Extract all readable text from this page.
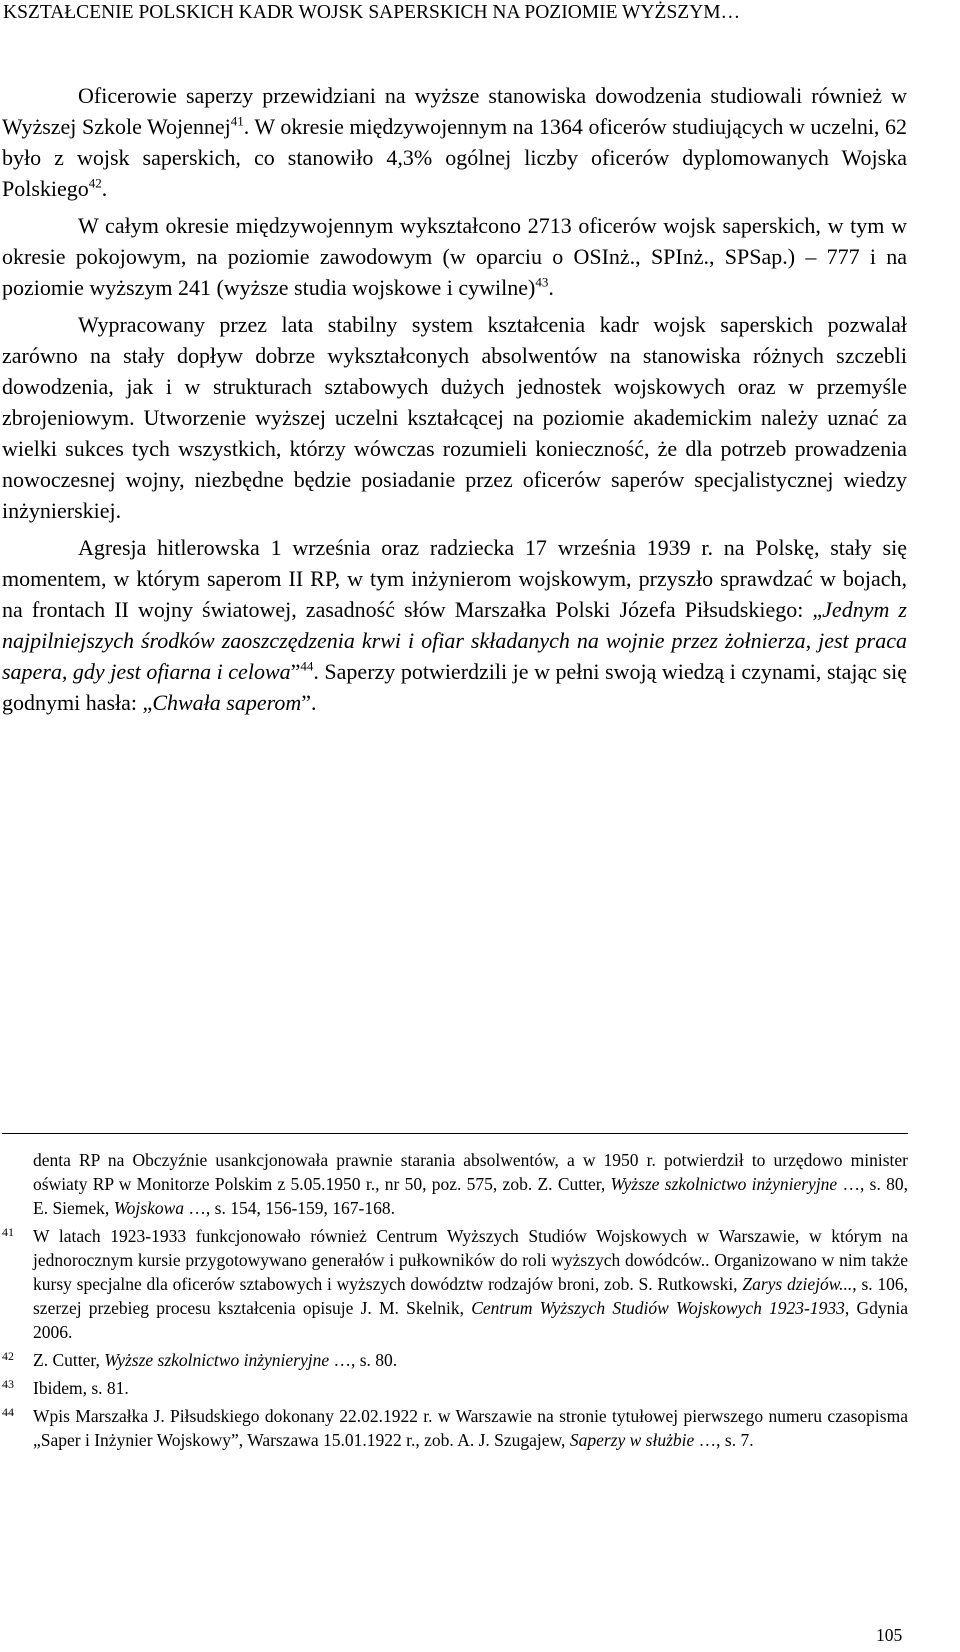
KSZTAŁCENIE POLSKICH KADR WOJSK SAPERSKICH NA POZIOMIE WYŻSZYM…

Oficerowie saperzy przewidziani na wyższe stanowiska dowodzenia studiowali również w Wyższej Szkole Wojennej$^{41}$. W okresie międzywojennym na 1364 oficerów studiujących w uczelni, 62 było z wojsk saperskich, co stanowiło 4,3% ogólnej liczby oficerów dyplomowanych Wojska Polskiego$^{42}$.

W całym okresie międzywojennym wykształcono 2713 oficerów wojsk saperskich, w tym w okresie pokojowym, na poziomie zawodowym (w oparciu o OSInż., SPInż., SPSap.) – 777 i na poziomie wyższym 241 (wyższe studia wojskowe i cywilne)$^{43}$.

Wypracowany przez lata stabilny system kształcenia kadr wojsk saperskich pozwalał zarówno na stały dopływ dobrze wykształconych absolwentów na stanowiska różnych szczebli dowodzenia, jak i w strukturach sztabowych dużych jednostek wojskowych oraz w przemyśle zbrojeniowym. Utworzenie wyższej uczelni kształcącej na poziomie akademickim należy uznać za wielki sukces tych wszystkich, którzy wówczas rozumieli konieczność, że dla potrzeb prowadzenia nowoczesnej wojny, niezbędne będzie posiadanie przez oficerów saperów specjalistycznej wiedzy inżynierskiej.

Agresja hitlerowska 1 września oraz radziecka 17 września 1939 r. na Polskę, stały się momentem, w którym saperom II RP, w tym inżynierom wojskowym, przyszło sprawdzać w bojach, na frontach II wojny światowej, zasadność słów Marszałka Polski Józefa Piłsudskiego: „Jednym z najpilniejszych środków zaoszczędzenia krwi i ofiar składanych na wojnie przez żołnierza, jest praca sapera, gdy jest ofiarna i celowa”$^{44}$. Saperzy potwierdzili je w pełni swoją wiedzą i czynami, stając się godnymi hasła: „Chwała saperom”.

denta RP na Obczyźnie usankcjonowała prawnie starania absolwentów, a w 1950 r. potwierdził to urzędowo minister oświaty RP w Monitorze Polskim z 5.05.1950 r., nr 50, poz. 575, zob. Z. Cutter, Wyższe szkolnictwo inżynieryjne …, s. 80, E. Siemek, Wojskowa …, s. 154, 156-159, 167-168.
41 W latach 1923-1933 funkcjonowało również Centrum Wyższych Studiów Wojskowych w Warszawie, w którym na jednorocznym kursie przygotowywano generałów i pułkowników do roli wyższych dowódców.. Organizowano w nim także kursy specjalne dla oficerów sztabowych i wyższych dowództw rodzajów broni, zob. S. Rutkowski, Zarys dziejów..., s. 106, szerzej przebieg procesu kształcenia opisuje J. M. Skelnik, Centrum Wyższych Studiów Wojskowych 1923-1933, Gdynia 2006.
42 Z. Cutter, Wyższe szkolnictwo inżynieryjne …, s. 80.
43 Ibidem, s. 81.
44 Wpis Marszałka J. Piłsudskiego dokonany 22.02.1922 r. w Warszawie na stronie tytułowej pierwszego numeru czasopisma „Saper i Inżynier Wojskowy”, Warszawa 15.01.1922 r., zob. A. J. Szugajew, Saperzy w służbie …, s. 7.
105
